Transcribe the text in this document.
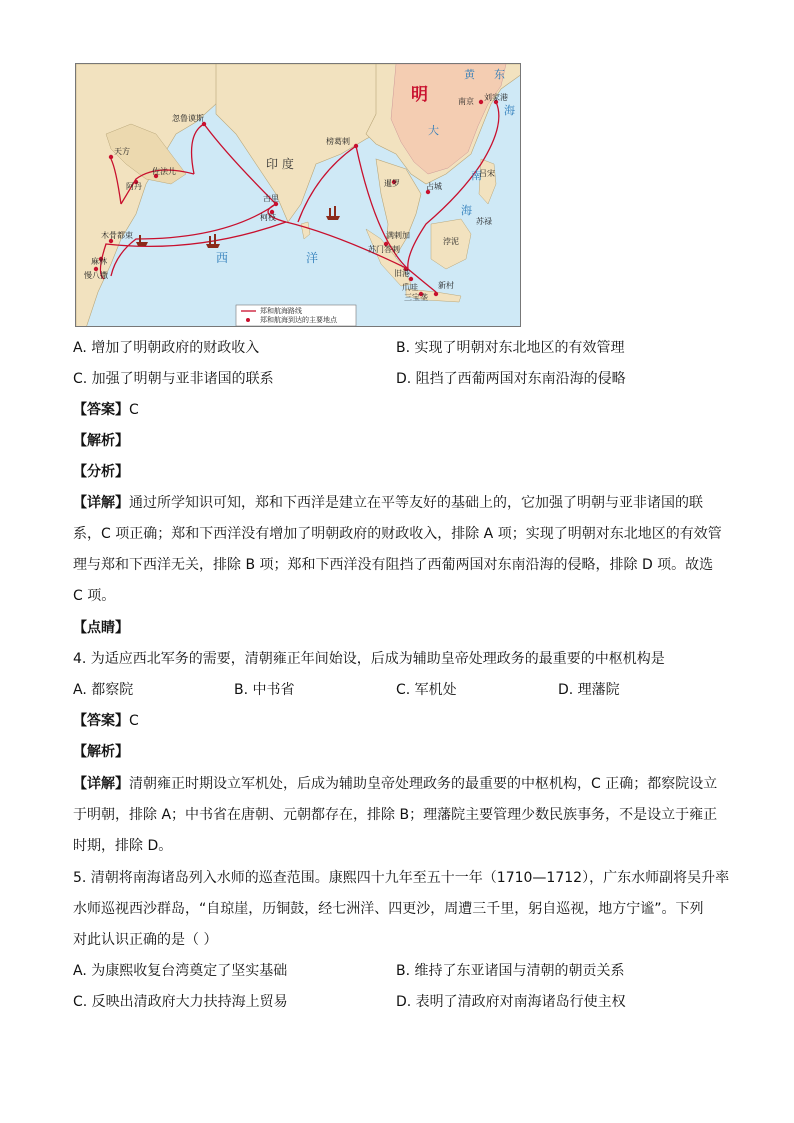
明
印 度
黄 东
海
南
海
大
西	洋
南京 刘家港
忽鲁谟斯
天方
佐法儿
阿丹
古里
柯枝
榜葛剌
暹罗	占城
吕宋
苏禄
浡泥
木骨都束
麻林
慢八撒
满剌加
苏门答剌
旧港
爪哇
三宝垄
新村
郑和航海路线
郑和航海到达的主要地点
A. 增加了明朝政府的财政收入	B. 实现了明朝对东北地区的有效管理
C. 加强了明朝与亚非诸国的联系	D. 阻挡了西葡两国对东南沿海的侵略
【答案】C
【解析】
【分析】
【详解】通过所学知识可知，郑和下西洋是建立在平等友好的基础上的，它加强了明朝与亚非诸国的联
系，C 项正确；郑和下西洋没有增加了明朝政府的财政收入，排除 A 项；实现了明朝对东北地区的有效管
理与郑和下西洋无关，排除 B 项；郑和下西洋没有阻挡了西葡两国对东南沿海的侵略，排除 D 项。故选
C 项。
【点睛】
4. 为适应西北军务的需要，清朝雍正年间始设，后成为辅助皇帝处理政务的最重要的中枢机构是
A. 都察院	B. 中书省	C. 军机处	D. 理藩院
【答案】C
【解析】
【详解】清朝雍正时期设立军机处，后成为辅助皇帝处理政务的最重要的中枢机构，C 正确；都察院设立
于明朝，排除 A；中书省在唐朝、元朝都存在，排除 B；理藩院主要管理少数民族事务，不是设立于雍正
时期，排除 D。
5. 清朝将南海诸岛列入水师的巡查范围。康熙四十九年至五十一年（1710—1712），广东水师副将吴升率
水师巡视西沙群岛，“自琼崖，历铜鼓，经七洲洋、四更沙，周遭三千里，躬自巡视，地方宁谧”。下列
对此认识正确的是（ ）
A. 为康熙收复台湾奠定了坚实基础	B. 维持了东亚诸国与清朝的朝贡关系
C. 反映出清政府大力扶持海上贸易	D. 表明了清政府对南海诸岛行使主权
